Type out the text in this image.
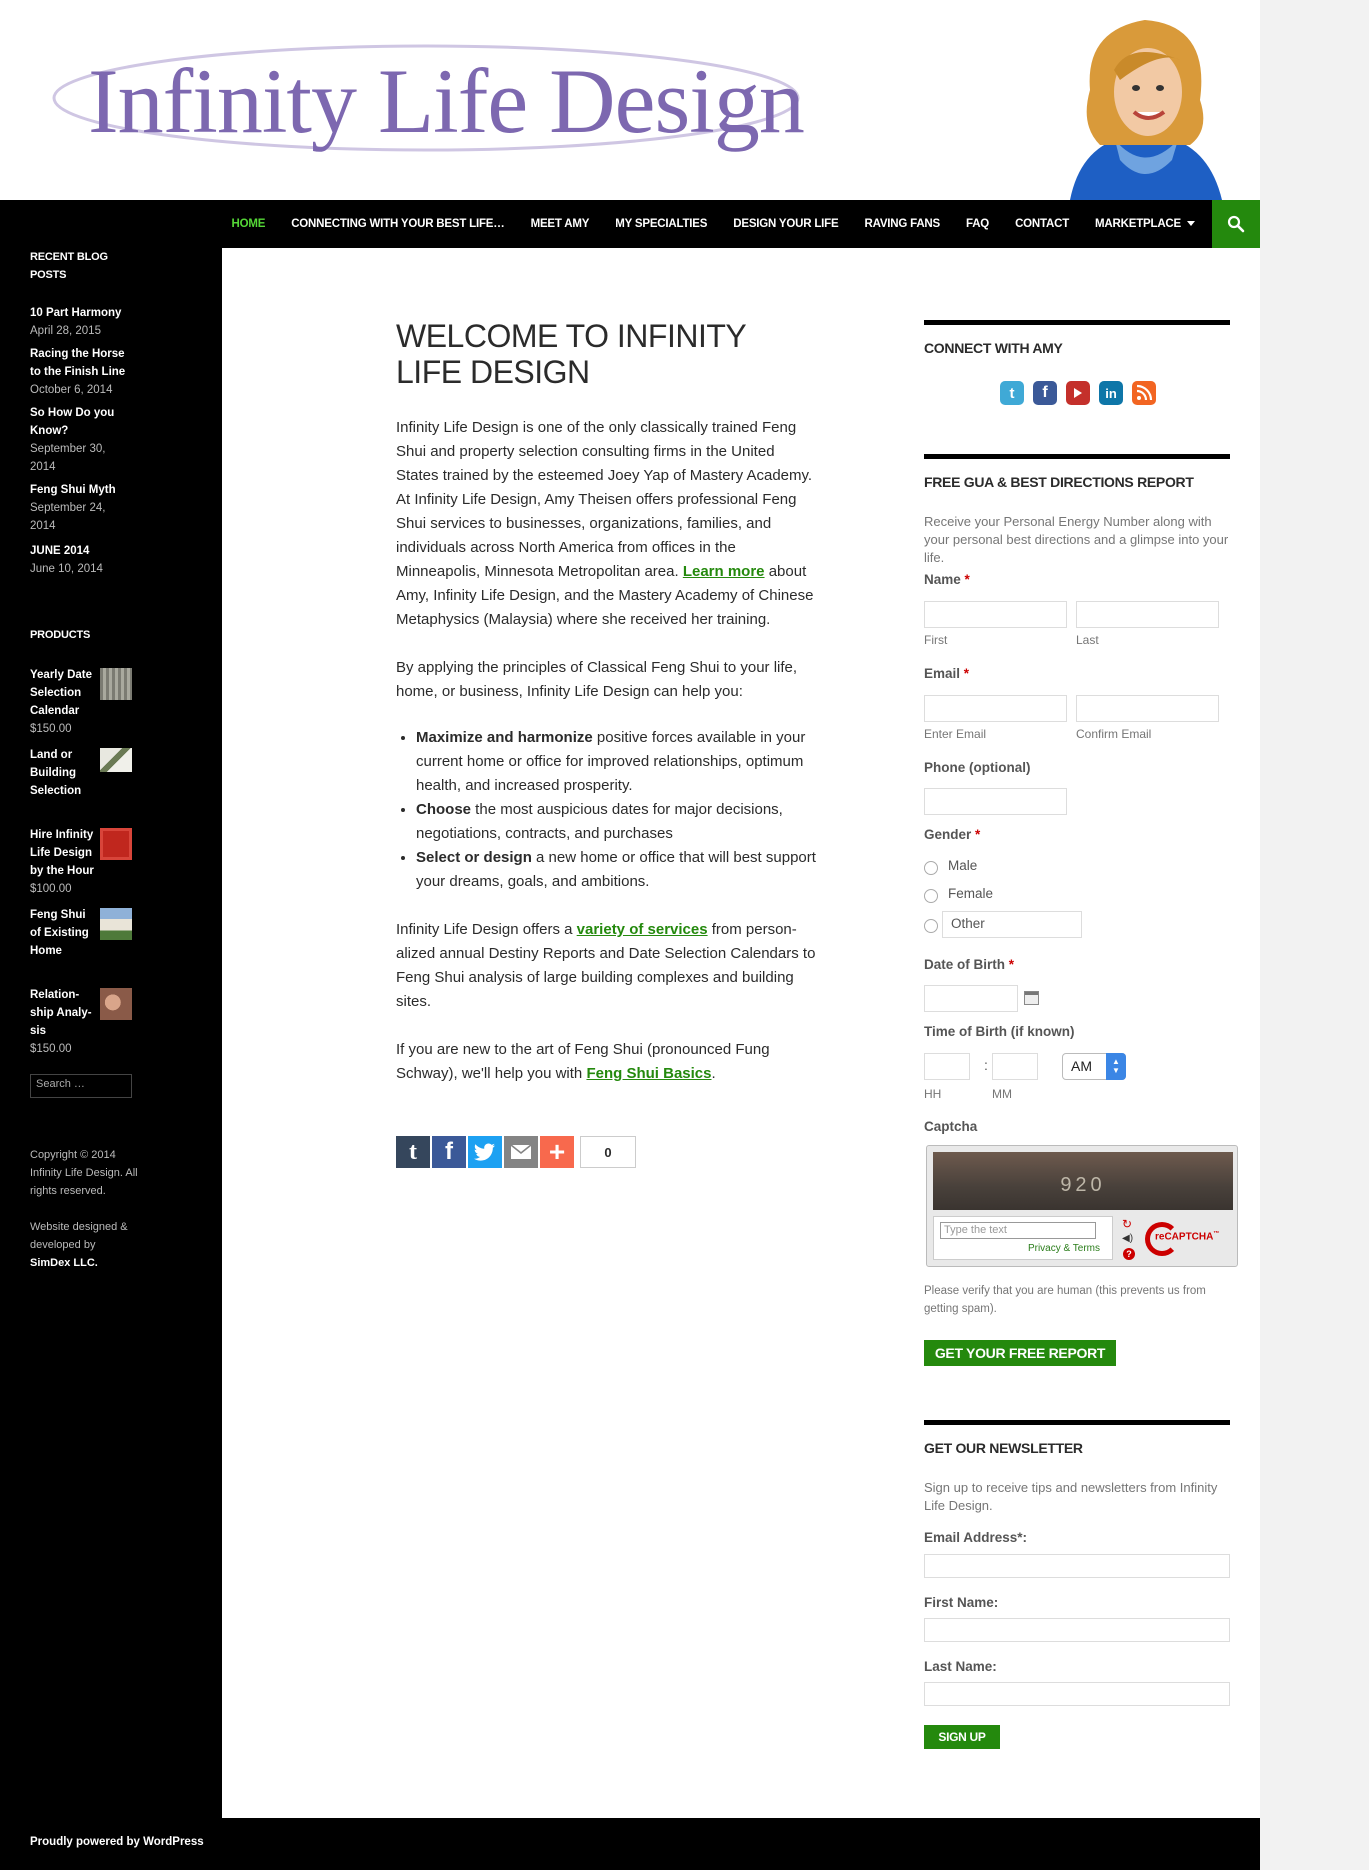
Infinity Life Design
HOME	CONNECTING WITH YOUR BEST LIFE…	MEET AMY	MY SPECIALTIES	DESIGN YOUR LIFE	RAVING FANS	FAQ	CONTACT	MARKETPLACE
RECENT BLOG POSTS
10 Part Harmony
April 28, 2015
Racing the Horse to the Finish Line
October 6, 2014
So How Do you Know?
September 30, 2014
Feng Shui Myth
September 24, 2014
JUNE 2014
June 10, 2014
PRODUCTS
Yearly Date Selection Calendar
$150.00
Land or Building Selection
Hire Infinity Life Design by the Hour
$100.00
Feng Shui of Existing Home
Relationship Analysis
$150.00
Search …
Copyright © 2014 Infinity Life Design. All rights reserved.
Website designed & developed by
SimDex LLC.
WELCOME TO INFINITY LIFE DESIGN

Infinity Life Design is one of the only classically trained Feng Shui and property selection consulting firms in the United States trained by the esteemed Joey Yap of Mastery Academy. At Infinity Life Design, Amy Theisen offers professional Feng Shui services to businesses, organizations, families, and individuals across North America from offices in the Minneapolis, Minnesota Metropolitan area. Learn more about Amy, Infinity Life Design, and the Mastery Academy of Chinese Metaphysics (Malaysia) where she received her training.

By applying the principles of Classical Feng Shui to your life, home, or business, Infinity Life Design can help you:

• Maximize and harmonize positive forces available in your current home or office for improved relationships, optimum health, and increased prosperity.
• Choose the most auspicious dates for major decisions, negotiations, contracts, and purchases
• Select or design a new home or office that will best support your dreams, goals, and ambitions.

Infinity Life Design offers a variety of services from personalized annual Destiny Reports and Date Selection Calendars to Feng Shui analysis of large building complexes and building sites.

If you are new to the art of Feng Shui (pronounced Fung Schway), we'll help you with Feng Shui Basics.

t f	+	0
CONNECT WITH AMY
t	f	in
FREE GUA & BEST DIRECTIONS REPORT
Receive your Personal Energy Number along with your personal best directions and a glimpse into your life.
Name *
First	Last
Email *
Enter Email	Confirm Email
Phone (optional)
Gender *
Male
Female
Other
Date of Birth *
Time of Birth (if known)
:	AM	▲
▼
HH	MM
Captcha
920
Type the text
Privacy & Terms
↻
◀)
?
reCAPTCHA™
Please verify that you are human (this prevents us from getting spam).
GET YOUR FREE REPORT
GET OUR NEWSLETTER
Sign up to receive tips and newsletters from Infinity Life Design.
Email Address*:
First Name:
Last Name:
SIGN UP
Proudly powered by WordPress
